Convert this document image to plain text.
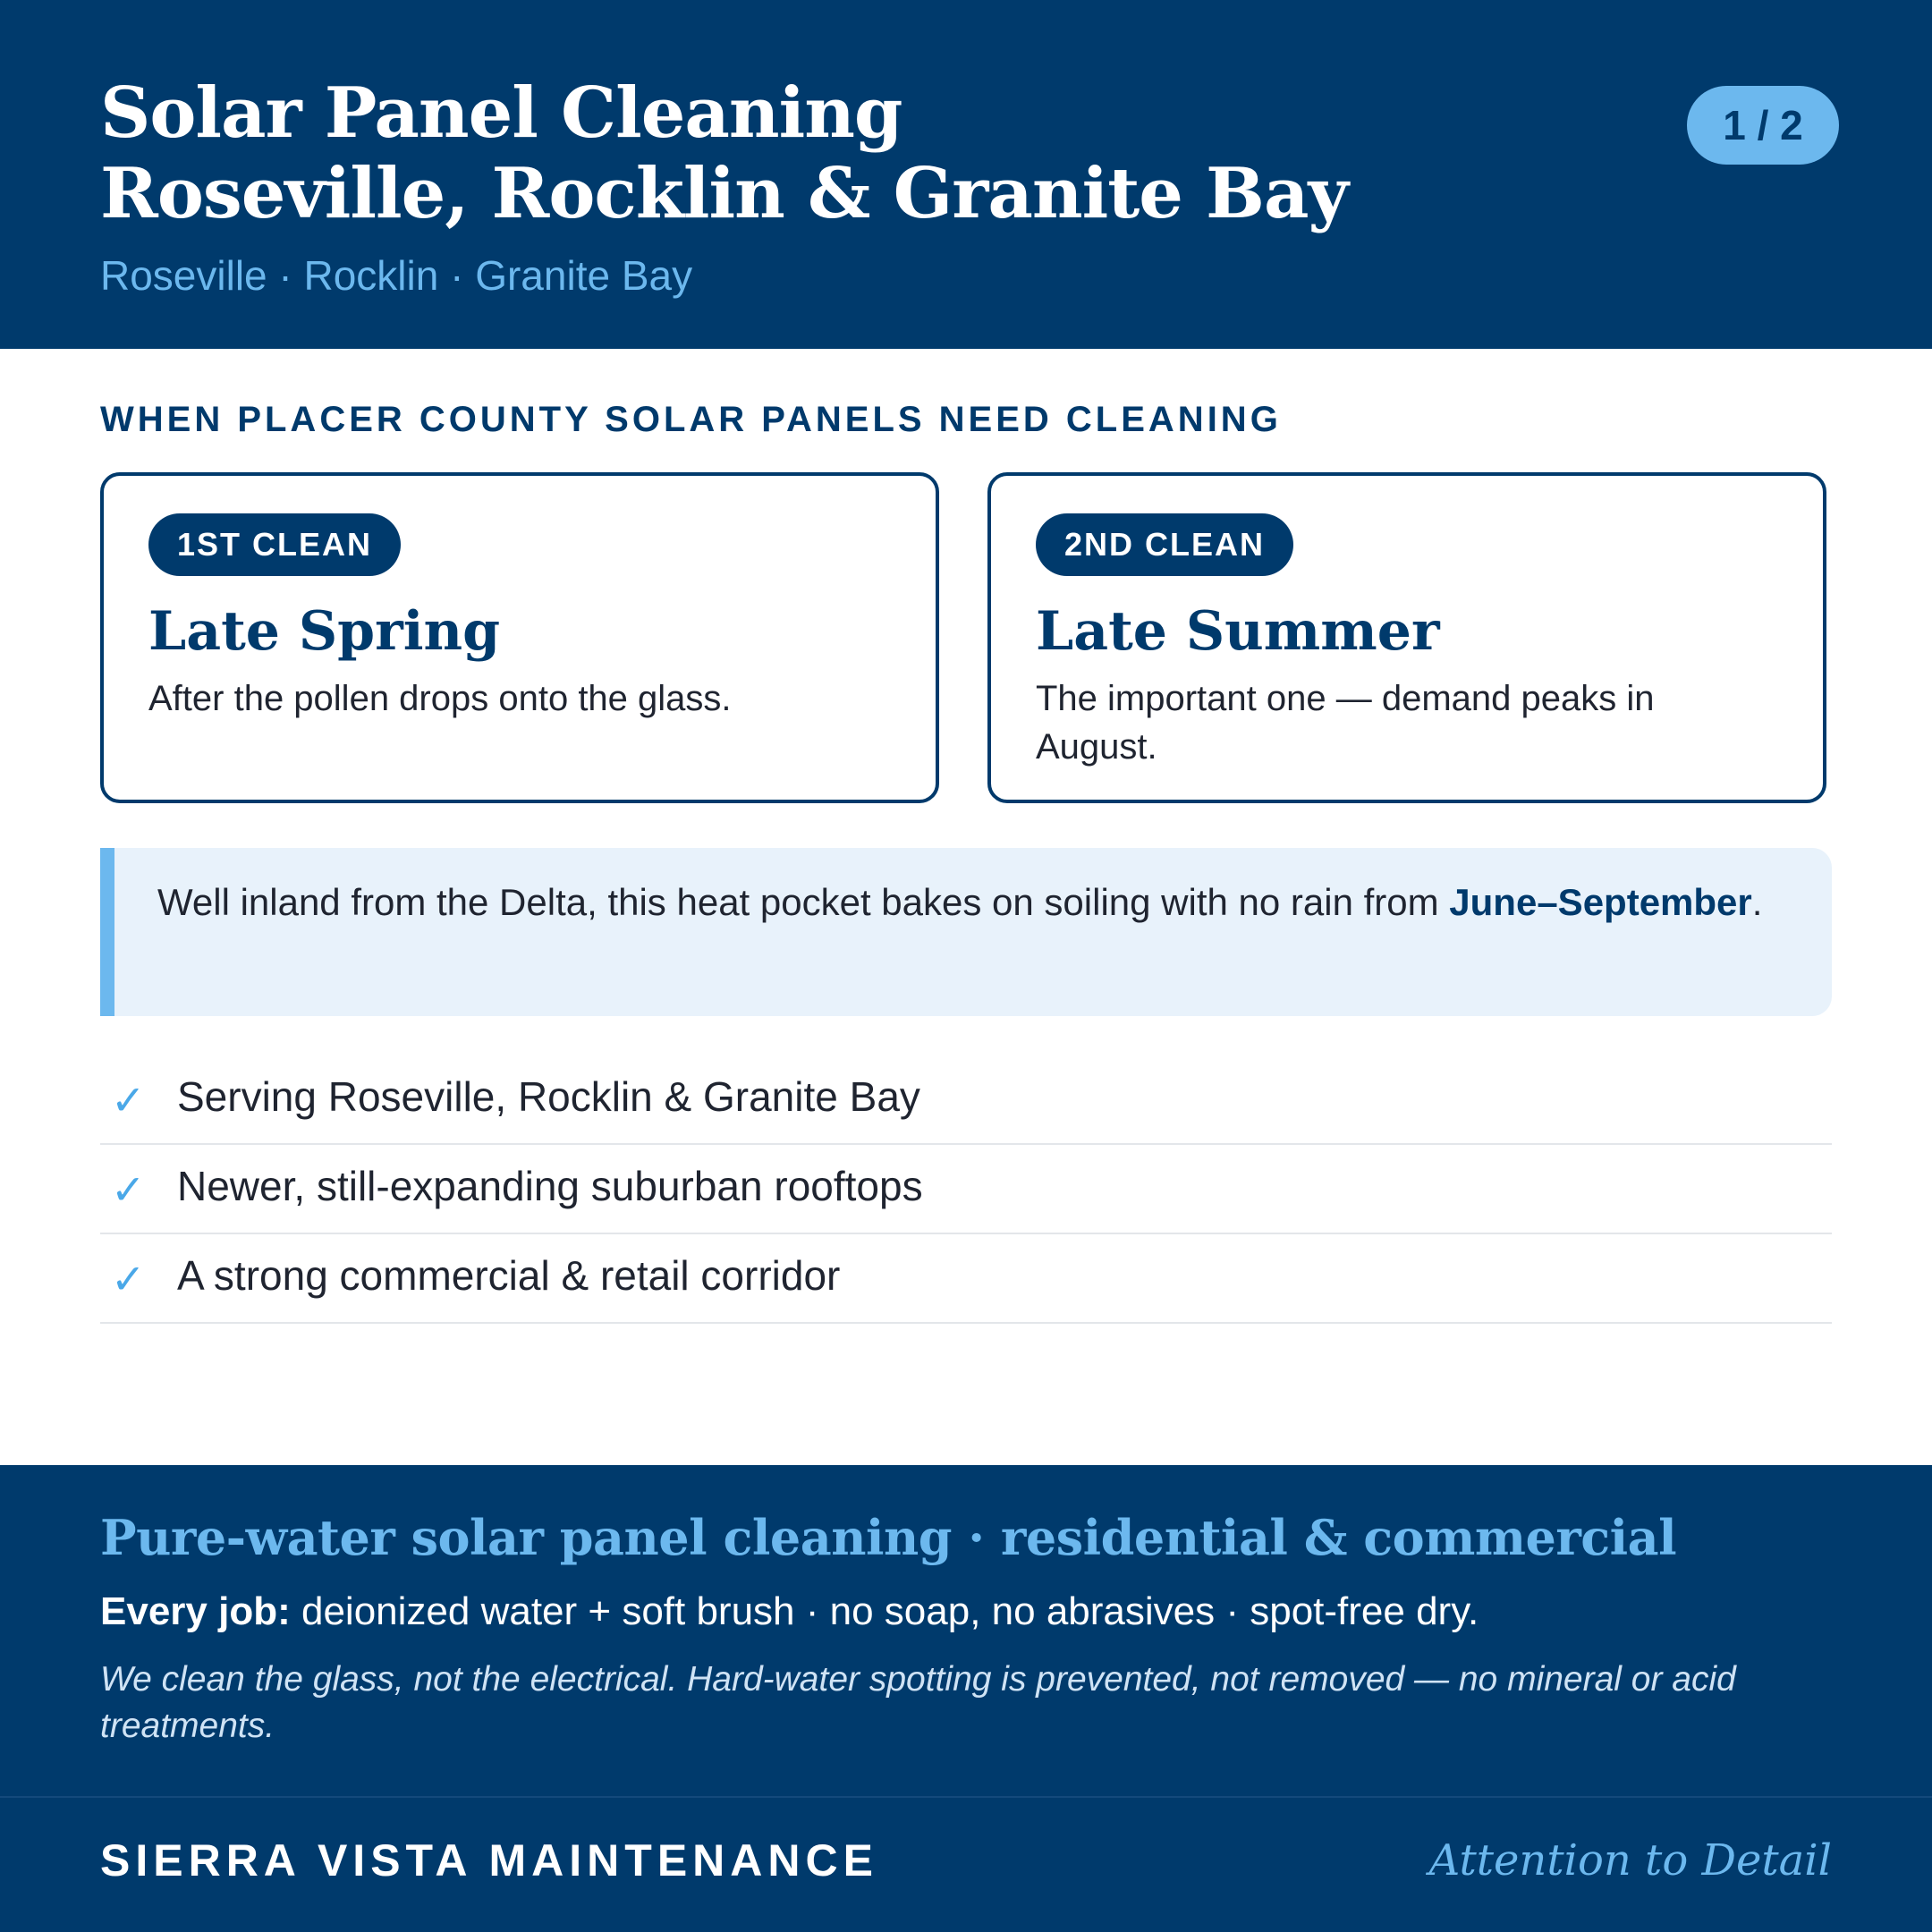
Solar Panel Cleaning
Roseville, Rocklin & Granite Bay
Roseville · Rocklin · Granite Bay
1 / 2
WHEN PLACER COUNTY SOLAR PANELS NEED CLEANING
1ST CLEAN
Late Spring
After the pollen drops onto the glass.
2ND CLEAN
Late Summer
The important one — demand peaks in August.
Well inland from the Delta, this heat pocket bakes on soiling with no rain from June–September.
✓ Serving Roseville, Rocklin & Granite Bay
✓ Newer, still-expanding suburban rooftops
✓ A strong commercial & retail corridor
Pure-water solar panel cleaning · residential & commercial
Every job: deionized water + soft brush · no soap, no abrasives · spot-free dry.
We clean the glass, not the electrical. Hard-water spotting is prevented, not removed — no mineral or acid treatments.
SIERRA VISTA MAINTENANCE	Attention to Detail
